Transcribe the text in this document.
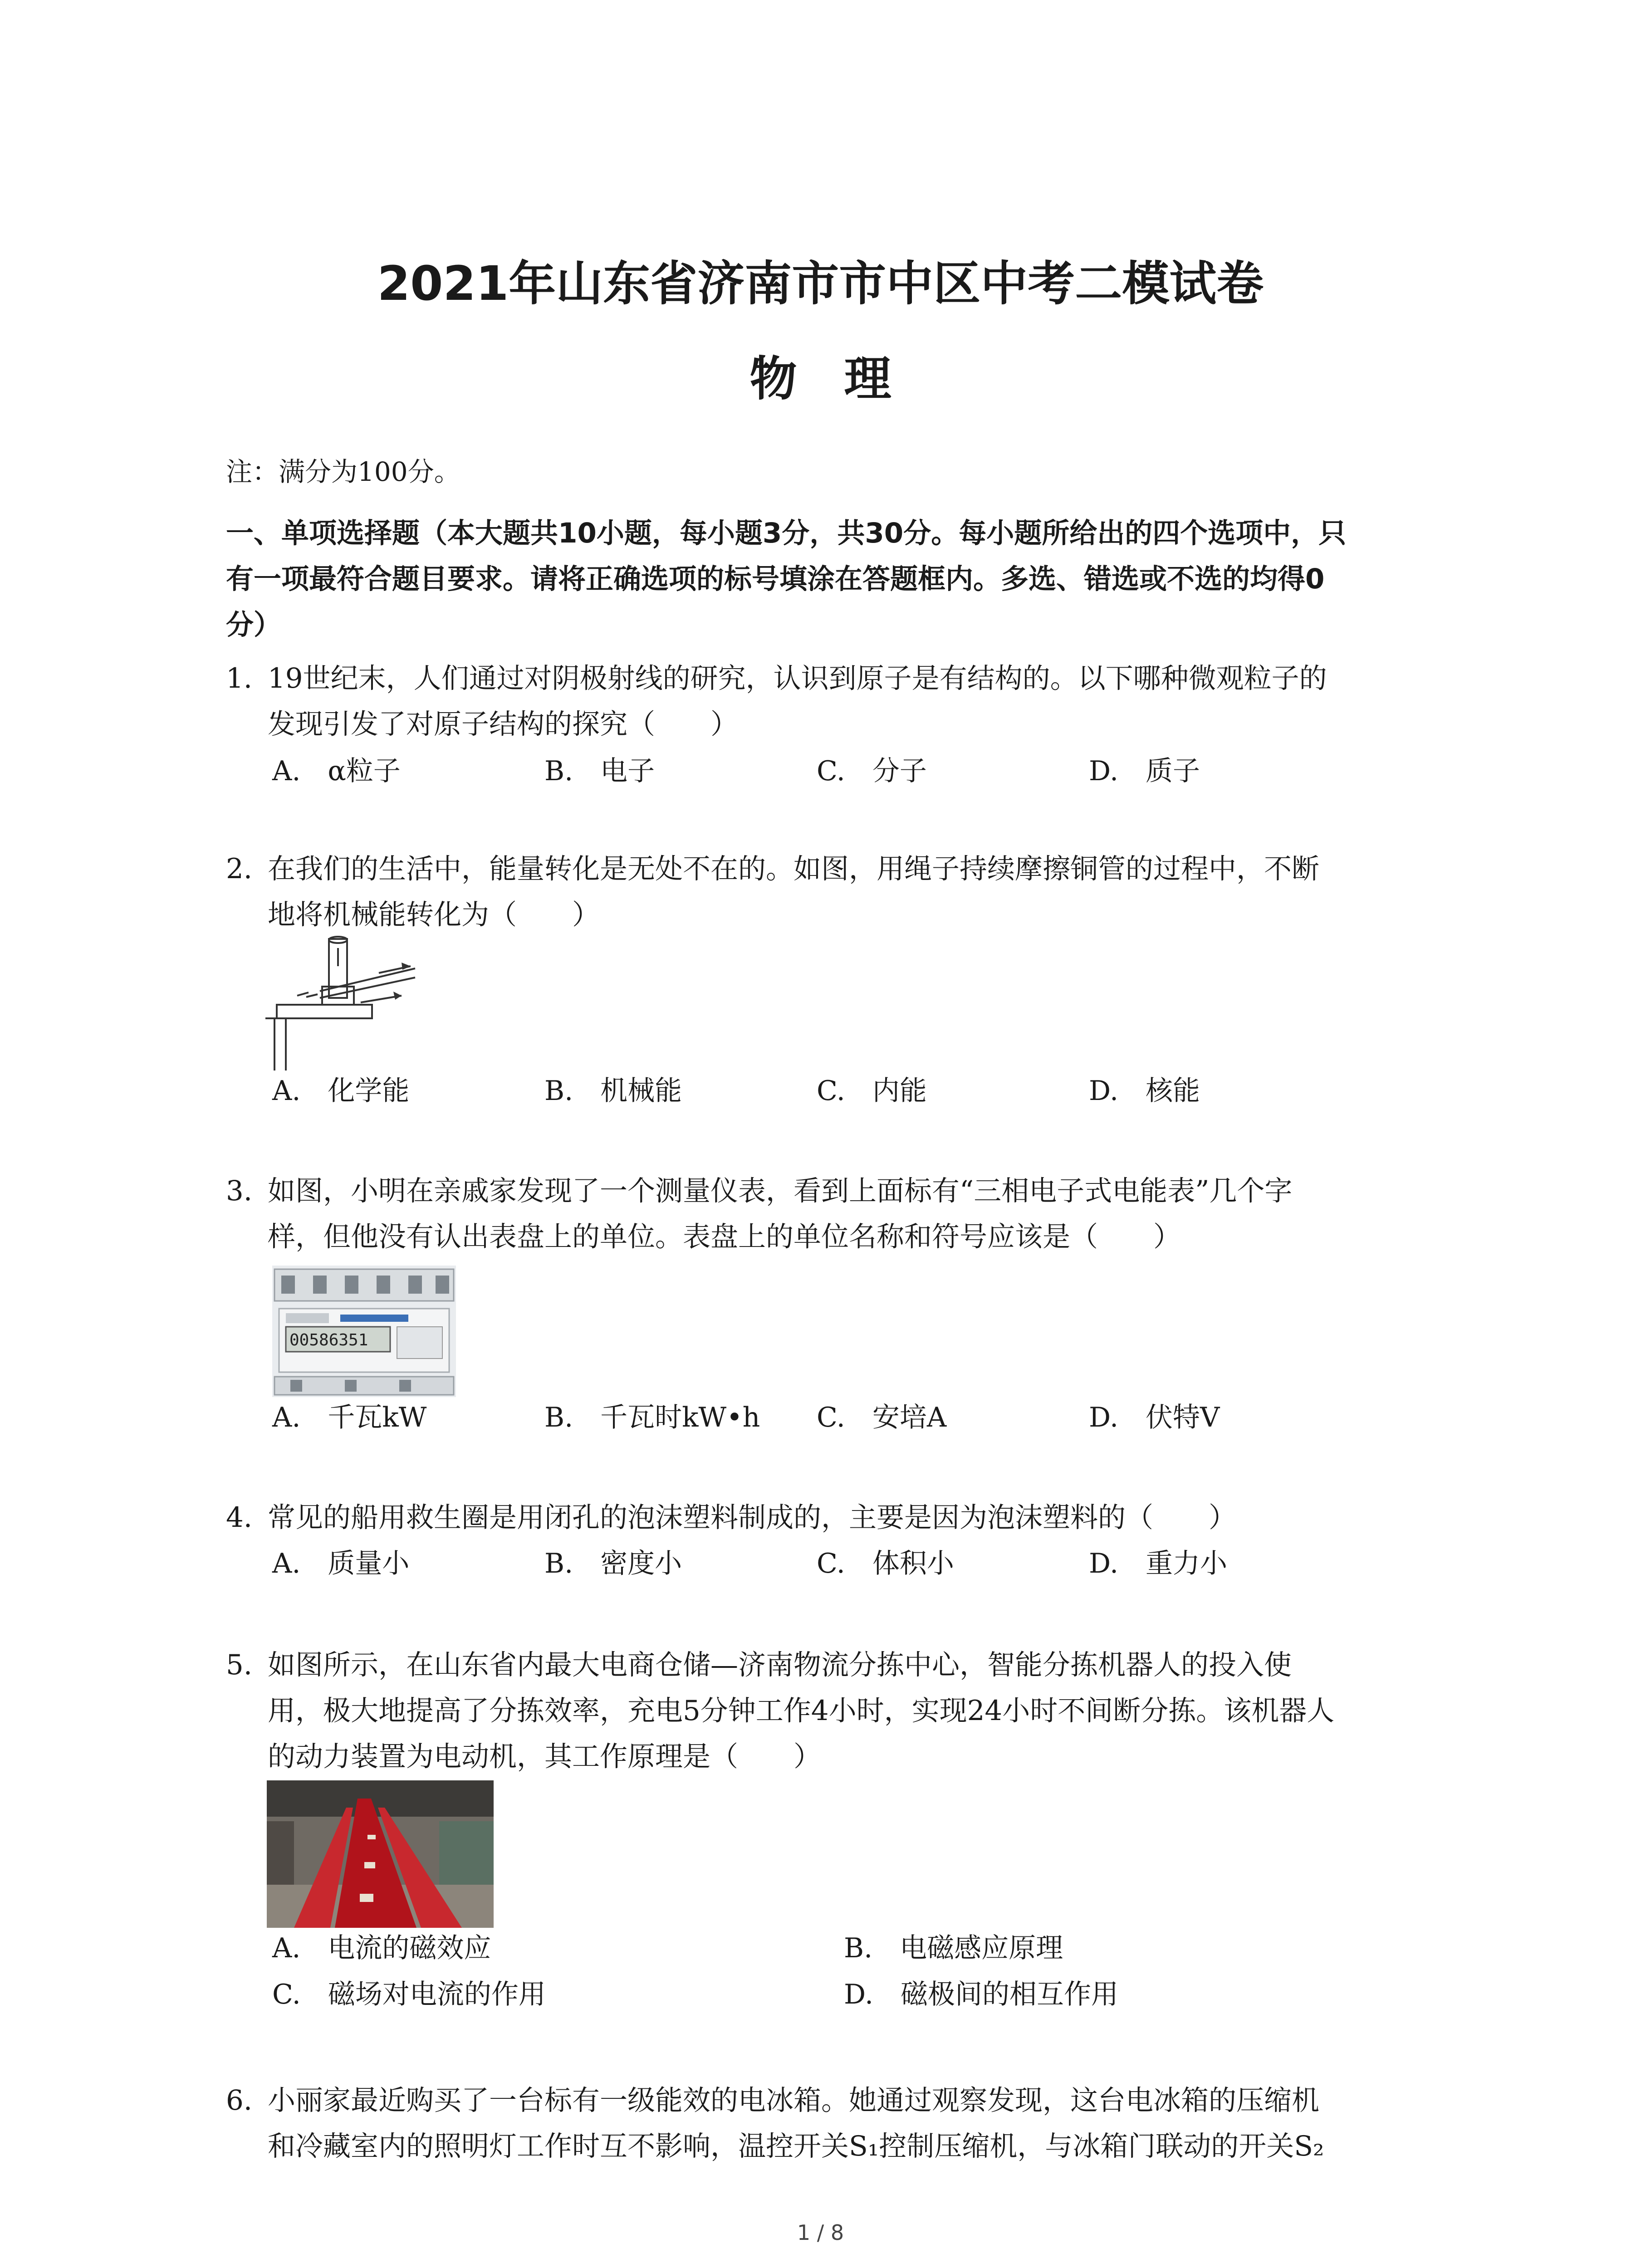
2021年山东省济南市市中区中考二模试卷
物　理
注：满分为100分。
一、单项选择题（本大题共10小题，每小题3分，共30分。每小题所给出的四个选项中，只
有一项最符合题目要求。请将正确选项的标号填涂在答题框内。多选、错选或不选的均得0
分）
1. 19世纪末，人们通过对阴极射线的研究，认识到原子是有结构的。以下哪种微观粒子的
发现引发了对原子结构的探究（　　）
A.　α粒子	B.　电子	C.　分子	D.　质子
2. 在我们的生活中，能量转化是无处不在的。如图，用绳子持续摩擦铜管的过程中，不断
地将机械能转化为（　　）
A.　化学能	B.　机械能	C.　内能	D.　核能
3. 如图，小明在亲戚家发现了一个测量仪表，看到上面标有“三相电子式电能表”几个字
样，但他没有认出表盘上的单位。表盘上的单位名称和符号应该是（　　）
00586351
A.　千瓦kW	B.　千瓦时kW•h C.　安培A	D.　伏特V
4. 常见的船用救生圈是用闭孔的泡沫塑料制成的，主要是因为泡沫塑料的（　　）
A.　质量小	B.　密度小	C.　体积小	D.　重力小
5. 如图所示，在山东省内最大电商仓储—济南物流分拣中心，智能分拣机器人的投入使
用，极大地提高了分拣效率，充电5分钟工作4小时，实现24小时不间断分拣。该机器人
的动力装置为电动机，其工作原理是（　　）
A.　电流的磁效应	B.　电磁感应原理
C.　磁场对电流的作用	D.　磁极间的相互作用
6. 小丽家最近购买了一台标有一级能效的电冰箱。她通过观察发现，这台电冰箱的压缩机
和冷藏室内的照明灯工作时互不影响，温控开关S₁控制压缩机，与冰箱门联动的开关S₂
1 / 8
